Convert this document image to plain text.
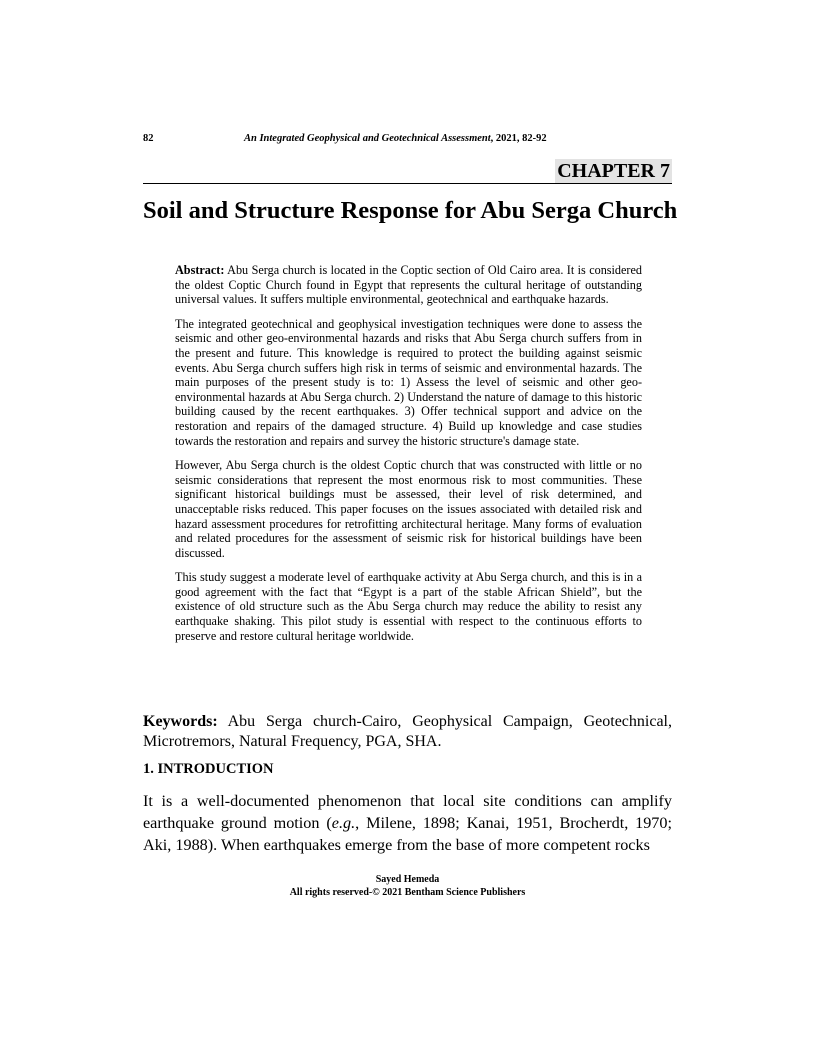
82	An Integrated Geophysical and Geotechnical Assessment, 2021, 82-92
CHAPTER 7
Soil and Structure Response for Abu Serga Church

Abstract: Abu Serga church is located in the Coptic section of Old Cairo area. It is considered the oldest Coptic Church found in Egypt that represents the cultural heritage of outstanding universal values. It suffers multiple environmental, geotechnical and earthquake hazards.

The integrated geotechnical and geophysical investigation techniques were done to assess the seismic and other geo-environmental hazards and risks that Abu Serga church suffers from in the present and future. This knowledge is required to protect the building against seismic events. Abu Serga church suffers high risk in terms of seismic and environmental hazards. The main purposes of the present study is to: 1) Assess the level of seismic and other geo-environmental hazards at Abu Serga church. 2) Understand the nature of damage to this historic building caused by the recent earthquakes. 3) Offer technical support and advice on the restoration and repairs of the damaged structure. 4) Build up knowledge and case studies towards the restoration and repairs and survey the historic structure's damage state.

However, Abu Serga church is the oldest Coptic church that was constructed with little or no seismic considerations that represent the most enormous risk to most communities. These significant historical buildings must be assessed, their level of risk determined, and unacceptable risks reduced. This paper focuses on the issues associated with detailed risk and hazard assessment procedures for retrofitting architectural heritage. Many forms of evaluation and related procedures for the assessment of seismic risk for historical buildings have been discussed.

This study suggest a moderate level of earthquake activity at Abu Serga church, and this is in a good agreement with the fact that “Egypt is a part of the stable African Shield”, but the existence of old structure such as the Abu Serga church may reduce the ability to resist any earthquake shaking. This pilot study is essential with respect to the continuous efforts to preserve and restore cultural heritage worldwide.

Keywords: Abu Serga church-Cairo, Geophysical Campaign, Geotechnical, Microtremors, Natural Frequency, PGA, SHA.
1. INTRODUCTION
It is a well-documented phenomenon that local site conditions can amplify earthquake ground motion (e.g., Milene, 1898; Kanai, 1951, Brocherdt, 1970; Aki, 1988). When earthquakes emerge from the base of more competent rocks
Sayed Hemeda
All rights reserved-© 2021 Bentham Science Publishers
